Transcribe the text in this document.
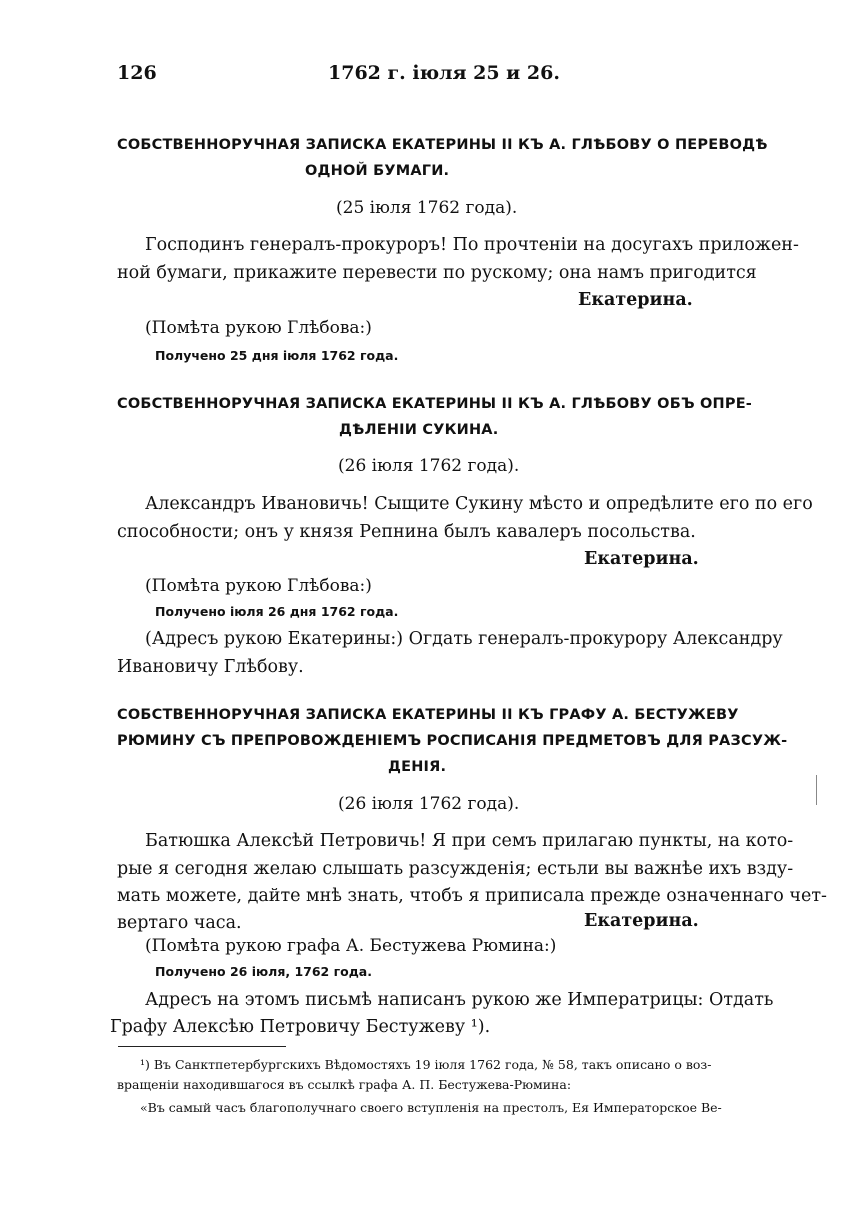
126	1762 г. іюля 25 и 26.
СОБСТВЕННОРУЧНАЯ ЗАПИСКА ЕКАТЕРИНЫ II КЪ А. ГЛѢБОВУ О ПЕРЕВОДѢ
ОДНОЙ БУМАГИ.
(25 іюля 1762 года).
Господинъ генералъ-прокуроръ! По прочтеніи на досугахъ приложен-
ной бумаги, прикажите перевести по рускому; она намъ пригодится
Екатерина.
(Помѣта рукою Глѣбова:)
Получено 25 дня іюля 1762 года.
СОБСТВЕННОРУЧНАЯ ЗАПИСКА ЕКАТЕРИНЫ II КЪ А. ГЛѢБОВУ ОБЪ ОПРЕ-
ДѢЛЕНІИ СУКИНА.
(26 іюля 1762 года).
Александръ Ивановичь! Сыщите Сукину мѣсто и опредѣлите его по его
способности; онъ у князя Репнина былъ кавалеръ посольства.
Екатерина.
(Помѣта рукою Глѣбова:)
Получено іюля 26 дня 1762 года.
(Адресъ рукою Екатерины:) Огдать генералъ-прокурору Александру
Ивановичу Глѣбову.
СОБСТВЕННОРУЧНАЯ ЗАПИСКА ЕКАТЕРИНЫ II КЪ ГРАФУ А. БЕСТУЖЕВУ
РЮМИНУ СЪ ПРЕПРОВОЖДЕНІЕМЪ РОСПИСАНІЯ ПРЕДМЕТОВЪ ДЛЯ РАЗСУЖ-
ДЕНІЯ.
(26 іюля 1762 года).
Батюшка Алексѣй Петровичь! Я при семъ прилагаю пункты, на кото-
рые я сегодня желаю слышать разсужденія; естьли вы важнѣе ихъ взду-
мать можете, дайте мнѣ знать, чтобъ я приписала прежде означеннаго чет-
вертаго часа.	Екатерина.
(Помѣта рукою графа А. Бестужева Рюмина:)
Получено 26 іюля, 1762 года.
Адресъ на этомъ письмѣ написанъ рукою же Императрицы: Отдать
Графу Алексѣю Петровичу Бестужеву ¹).
¹) Въ Санктпетербургскихъ Вѣдомостяхъ 19 іюля 1762 года, № 58, такъ описано о воз-
вращеніи находившагося въ ссылкѣ графа А. П. Бестужева-Рюмина:
«Въ самый часъ благополучнаго своего вступленія на престолъ, Ея Императорское Ве-
